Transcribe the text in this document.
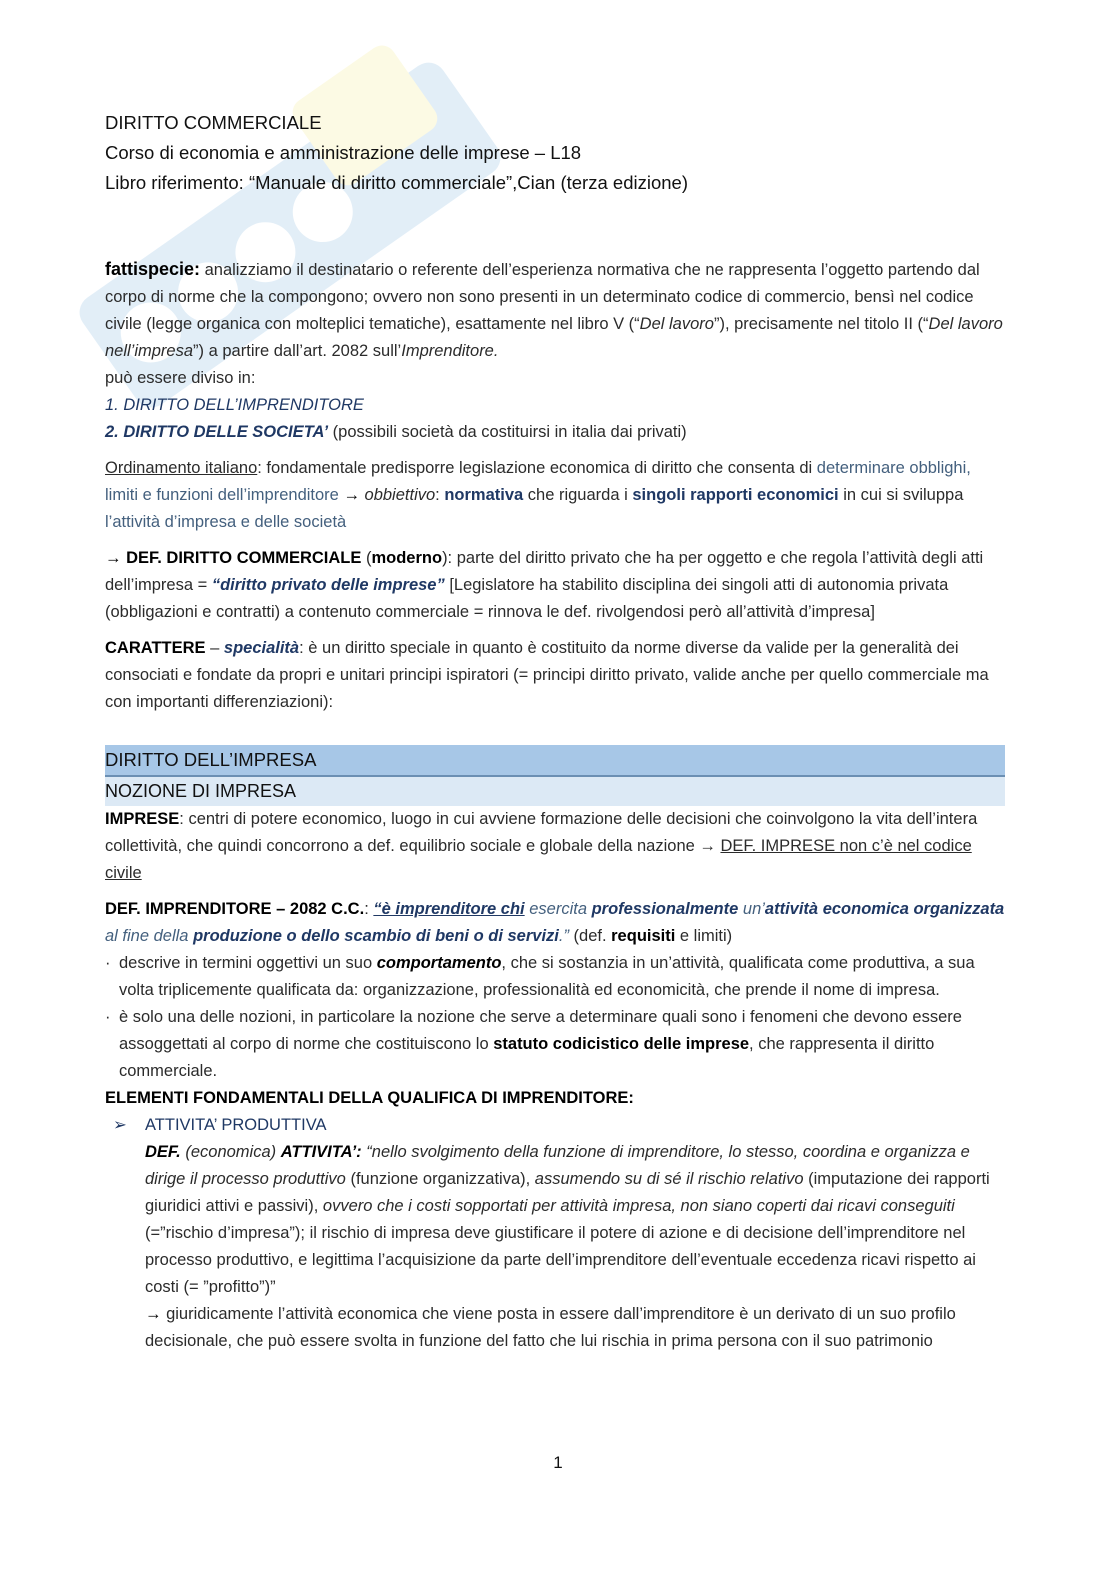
DIRITTO COMMERCIALE
Corso di economia e amministrazione delle imprese – L18
Libro riferimento: “Manuale di diritto commerciale”,Cian (terza edizione)

fattispecie: analizziamo il destinatario o referente dell’esperienza normativa che ne rappresenta l’oggetto partendo dal corpo di norme che la compongono; ovvero non sono presenti in un determinato codice di commercio, bensì nel codice civile (legge organica con molteplici tematiche), esattamente nel libro V (“Del lavoro”), precisamente nel titolo II (“Del lavoro nell’impresa”) a partire dall’art. 2082 sull’Imprenditore.

può essere diviso in:

1. DIRITTO DELL’IMPRENDITORE

2. DIRITTO DELLE SOCIETA’ (possibili società da costituirsi in italia dai privati)

Ordinamento italiano: fondamentale predisporre legislazione economica di diritto che consenta di determinare obblighi, limiti e funzioni dell’imprenditore → obbiettivo: normativa che riguarda i singoli rapporti economici in cui si sviluppa l’attività d’impresa e delle società

→ DEF. DIRITTO COMMERCIALE (moderno): parte del diritto privato che ha per oggetto e che regola l’attività degli atti dell’impresa = “diritto privato delle imprese” [Legislatore ha stabilito disciplina dei singoli atti di autonomia privata (obbligazioni e contratti) a contenuto commerciale = rinnova le def. rivolgendosi però all’attività d’impresa]

CARATTERE – specialità: è un diritto speciale in quanto è costituito da norme diverse da valide per la generalità dei consociati e fondate da propri e unitari principi ispiratori (= principi diritto privato, valide anche per quello commerciale ma con importanti differenziazioni):

DIRITTO DELL’IMPRESA
NOZIONE DI IMPRESA

IMPRESE: centri di potere economico, luogo in cui avviene formazione delle decisioni che coinvolgono la vita dell’intera collettività, che quindi concorrono a def. equilibrio sociale e globale della nazione → DEF. IMPRESE non c’è nel codice civile

DEF. IMPRENDITORE – 2082 C.C.: “è imprenditore chi esercita professionalmente un’attività economica organizzata al fine della produzione o dello scambio di beni o di servizi.” (def. requisiti e limiti)

· descrive in termini oggettivi un suo comportamento, che si sostanzia in un’attività, qualificata come produttiva, a sua volta triplicemente qualificata da: organizzazione, professionalità ed economicità, che prende il nome di impresa.

· è solo una delle nozioni, in particolare la nozione che serve a determinare quali sono i fenomeni che devono essere assoggettati al corpo di norme che costituiscono lo statuto codicistico delle imprese, che rappresenta il diritto commerciale.

ELEMENTI FONDAMENTALI DELLA QUALIFICA DI IMPRENDITORE:

➢ ATTIVITA’ PRODUTTIVA

DEF. (economica) ATTIVITA’: “nello svolgimento della funzione di imprenditore, lo stesso, coordina e organizza e dirige il processo produttivo (funzione organizzativa), assumendo su di sé il rischio relativo (imputazione dei rapporti giuridici attivi e passivi), ovvero che i costi sopportati per attività impresa, non siano coperti dai ricavi conseguiti (=”rischio d’impresa”); il rischio di impresa deve giustificare il potere di azione e di decisione dell’imprenditore nel processo produttivo, e legittima l’acquisizione da parte dell’imprenditore dell’eventuale eccedenza ricavi rispetto ai costi (= ”profitto”)”

→ giuridicamente l’attività economica che viene posta in essere dall’imprenditore è un derivato di un suo profilo decisionale, che può essere svolta in funzione del fatto che lui rischia in prima persona con il suo patrimonio

1
